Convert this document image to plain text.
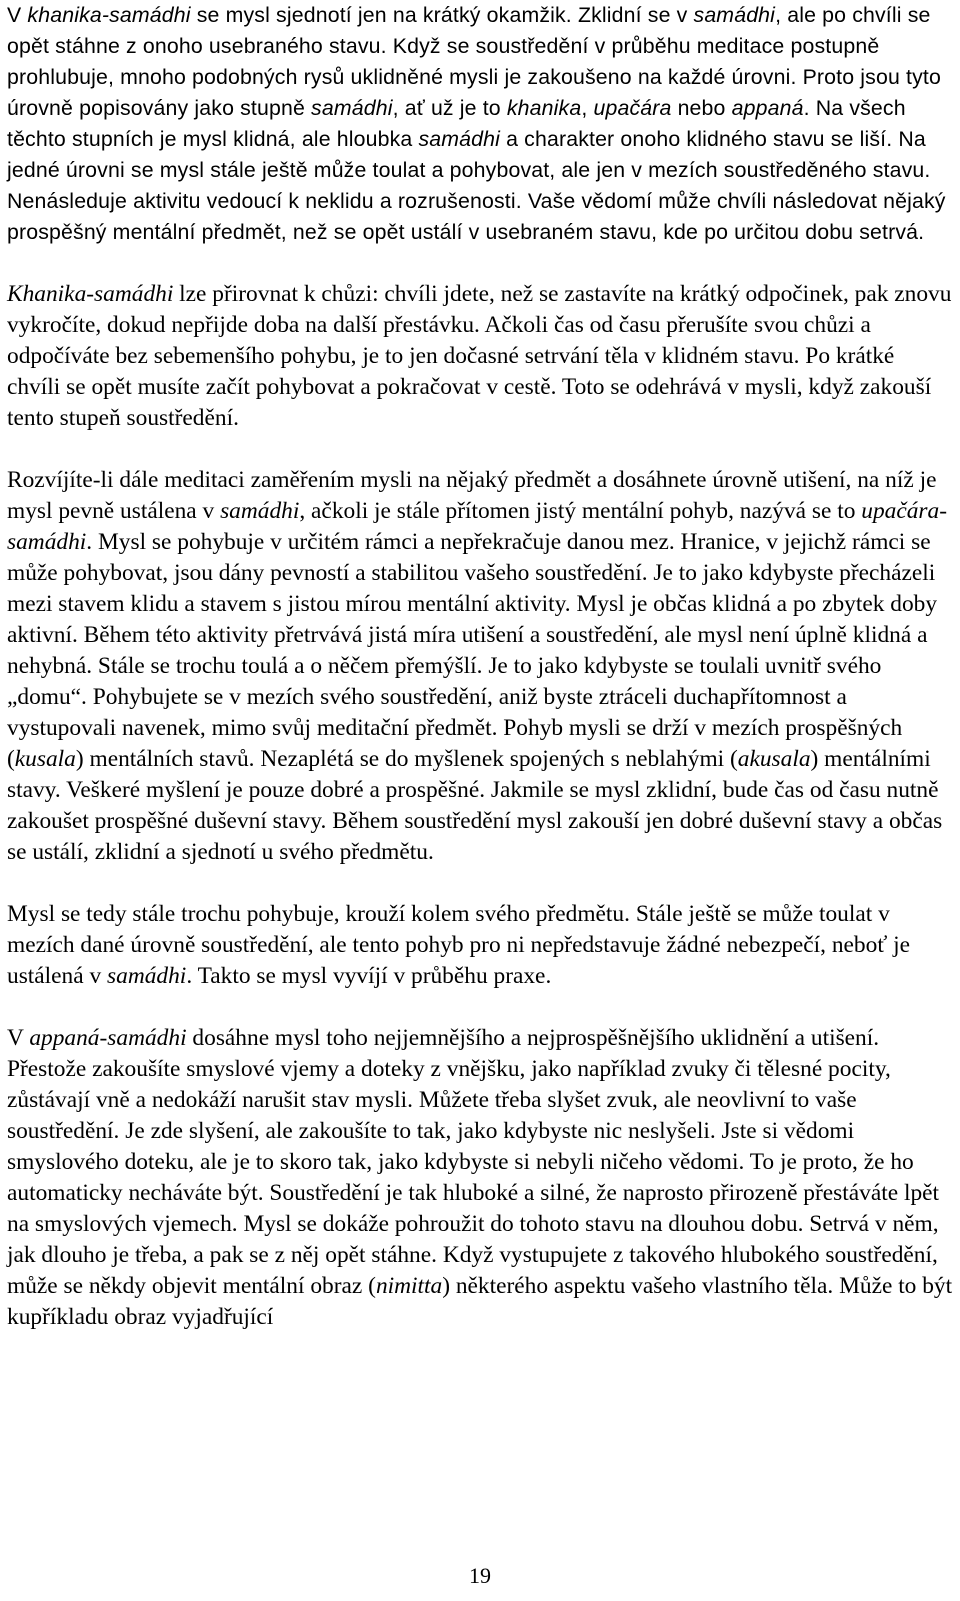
V khanika-samádhi se mysl sjednotí jen na krátký okamžik. Zklidní se v samádhi, ale po chvíli se opět stáhne z onoho usebraného stavu. Když se soustředění v průběhu meditace postupně prohlubuje, mnoho podobných rysů uklidněné mysli je zakoušeno na každé úrovni. Proto jsou tyto úrovně popisovány jako stupně samádhi, ať už je to khanika, upačára nebo appaná. Na všech těchto stupních je mysl klidná, ale hloubka samádhi a charakter onoho klidného stavu se liší. Na jedné úrovni se mysl stále ještě může toulat a pohybovat, ale jen v mezích soustředěného stavu. Nenásleduje aktivitu vedoucí k neklidu a rozrušenosti. Vaše vědomí může chvíli následovat nějaký prospěšný mentální předmět, než se opět ustálí v usebraném stavu, kde po určitou dobu setrvá.

Khanika-samádhi lze přirovnat k chůzi: chvíli jdete, než se zastavíte na krátký odpočinek, pak znovu vykročíte, dokud nepřijde doba na další přestávku. Ačkoli čas od času přerušíte svou chůzi a odpočíváte bez sebemenšího pohybu, je to jen dočasné setrvání těla v klidném stavu. Po krátké chvíli se opět musíte začít pohybovat a pokračovat v cestě. Toto se odehrává v mysli, když zakouší tento stupeň soustředění.

Rozvíjíte-li dále meditaci zaměřením mysli na nějaký předmět a dosáhnete úrovně utišení, na níž je mysl pevně ustálena v samádhi, ačkoli je stále přítomen jistý mentální pohyb, nazývá se to upačára-samádhi. Mysl se pohybuje v určitém rámci a nepřekračuje danou mez. Hranice, v jejichž rámci se může pohybovat, jsou dány pevností a stabilitou vašeho soustředění. Je to jako kdybyste přecházeli mezi stavem klidu a stavem s jistou mírou mentální aktivity. Mysl je občas klidná a po zbytek doby aktivní. Během této aktivity přetrvává jistá míra utišení a soustředění, ale mysl není úplně klidná a nehybná. Stále se trochu toulá a o něčem přemýšlí. Je to jako kdybyste se toulali uvnitř svého „domu“. Pohybujete se v mezích svého soustředění, aniž byste ztráceli duchapřítomnost a vystupovali navenek, mimo svůj meditační předmět. Pohyb mysli se drží v mezích prospěšných (kusala) mentálních stavů. Nezaplétá se do myšlenek spojených s neblahými (akusala) mentálními stavy. Veškeré myšlení je pouze dobré a prospěšné. Jakmile se mysl zklidní, bude čas od času nutně zakoušet prospěšné duševní stavy. Během soustředění mysl zakouší jen dobré duševní stavy a občas se ustálí, zklidní a sjednotí u svého předmětu.

Mysl se tedy stále trochu pohybuje, krouží kolem svého předmětu. Stále ještě se může toulat v mezích dané úrovně soustředění, ale tento pohyb pro ni nepředstavuje žádné nebezpečí, neboť je ustálená v samádhi. Takto se mysl vyvíjí v průběhu praxe.

V appaná-samádhi dosáhne mysl toho nejjemnějšího a nejprospěšnějšího uklidnění a utišení. Přestože zakoušíte smyslové vjemy a doteky z vnějšku, jako například zvuky či tělesné pocity, zůstávají vně a nedokáží narušit stav mysli. Můžete třeba slyšet zvuk, ale neovlivní to vaše soustředění. Je zde slyšení, ale zakoušíte to tak, jako kdybyste nic neslyšeli. Jste si vědomi smyslového doteku, ale je to skoro tak, jako kdybyste si nebyli ničeho vědomi. To je proto, že ho automaticky necháváte být. Soustředění je tak hluboké a silné, že naprosto přirozeně přestáváte lpět na smyslových vjemech. Mysl se dokáže pohroužit do tohoto stavu na dlouhou dobu. Setrvá v něm, jak dlouho je třeba, a pak se z něj opět stáhne. Když vystupujete z takového hlubokého soustředění, může se někdy objevit mentální obraz (nimitta) některého aspektu vašeho vlastního těla. Může to být kupříkladu obraz vyjadřující

19
